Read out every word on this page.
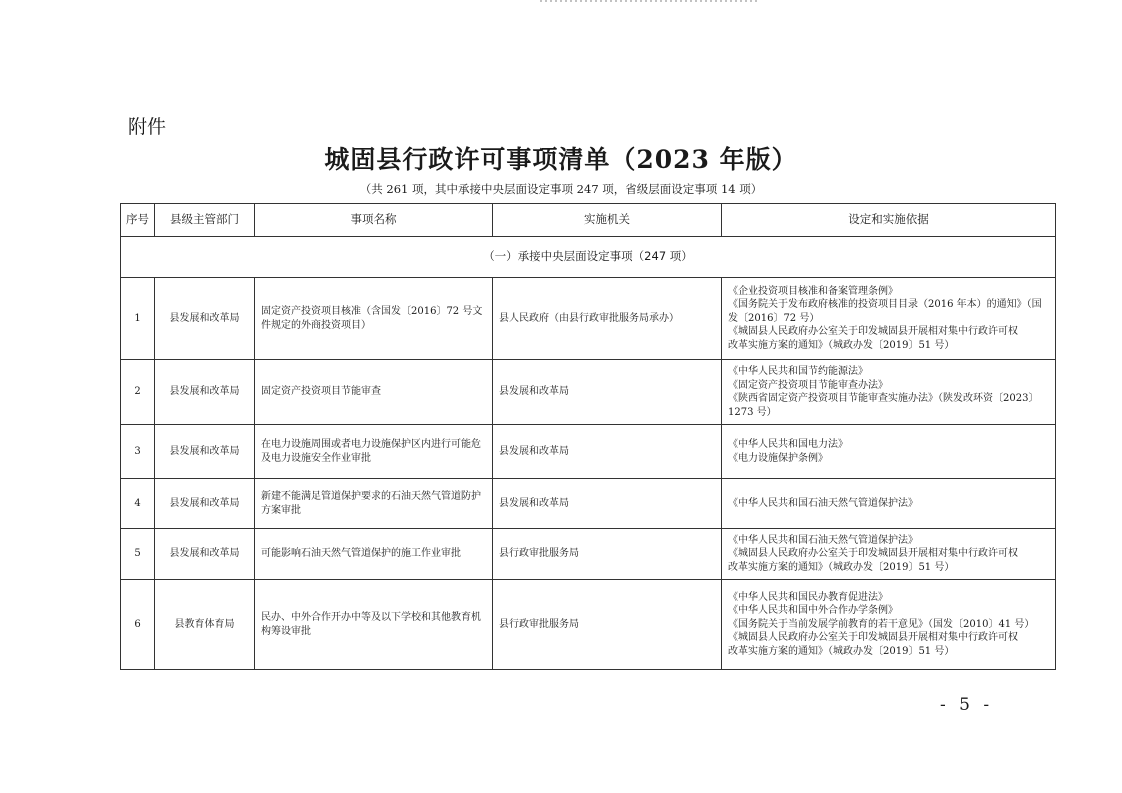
附件
城固县行政许可事项清单（2023 年版）
（共 261 项，其中承接中央层面设定事项 247 项，省级层面设定事项 14 项）
序号	县级主管部门	事项名称	实施机关	设定和实施依据
（一）承接中央层面设定事项（247 项）				
1	县发展和改革局	固定资产投资项目核准（含国发〔2016〕72 号文件规定的外商投资项目）	县人民政府（由县行政审批服务局承办）	《企业投资项目核准和备案管理条例》
《国务院关于发布政府核准的投资项目目录（2016 年本）的通知》（国
发〔2016〕72 号）
《城固县人民政府办公室关于印发城固县开展相对集中行政许可权
改革实施方案的通知》（城政办发〔2019〕51 号）

2	县发展和改革局	固定资产投资项目节能审查	县发展和改革局	《中华人民共和国节约能源法》
《固定资产投资项目节能审查办法》
《陕西省固定资产投资项目节能审查实施办法》（陕发改环资〔2023〕
1273 号）

3	县发展和改革局	在电力设施周围或者电力设施保护区内进行可能危及电力设施安全作业审批	县发展和改革局	《中华人民共和国电力法》
《电力设施保护条例》

4	县发展和改革局	新建不能满足管道保护要求的石油天然气管道防护方案审批	县发展和改革局	《中华人民共和国石油天然气管道保护法》

5	县发展和改革局	可能影响石油天然气管道保护的施工作业审批	县行政审批服务局	《中华人民共和国石油天然气管道保护法》
《城固县人民政府办公室关于印发城固县开展相对集中行政许可权
改革实施方案的通知》（城政办发〔2019〕51 号）

6	县教育体育局	民办、中外合作开办中等及以下学校和其他教育机构筹设审批	县行政审批服务局	《中华人民共和国民办教育促进法》
《中华人民共和国中外合作办学条例》
《国务院关于当前发展学前教育的若干意见》（国发〔2010〕41 号）
《城固县人民政府办公室关于印发城固县开展相对集中行政许可权
改革实施方案的通知》（城政办发〔2019〕51 号）
- 5 -
